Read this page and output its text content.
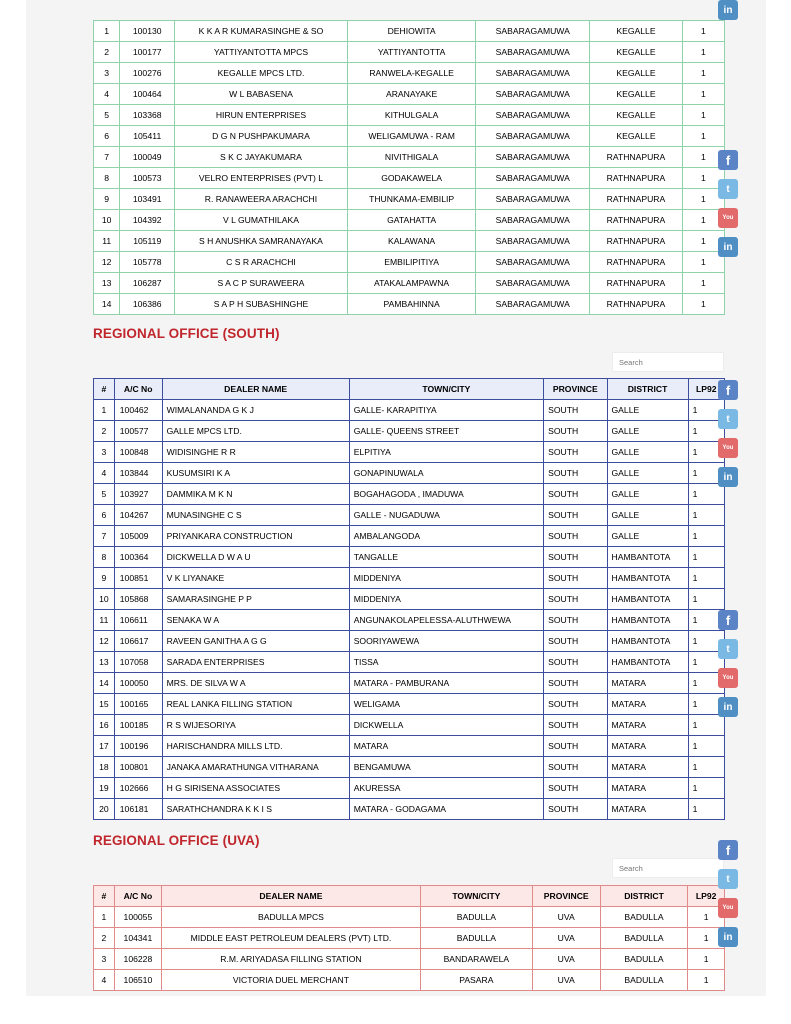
1	100130	K K A R KUMARASINGHE & SO	DEHIOWITA	SABARAGAMUWA	KEGALLE	1
2	100177	YATTIYANTOTTA MPCS	YATTIYANTOTTA	SABARAGAMUWA	KEGALLE	1
3	100276	KEGALLE MPCS LTD.	RANWELA-KEGALLE	SABARAGAMUWA	KEGALLE	1
4	100464	W L BABASENA	ARANAYAKE	SABARAGAMUWA	KEGALLE	1
5	103368	HIRUN ENTERPRISES	KITHULGALA	SABARAGAMUWA	KEGALLE	1
6	105411	D G N PUSHPAKUMARA	WELIGAMUWA - RAM	SABARAGAMUWA	KEGALLE	1
7	100049	S K C JAYAKUMARA	NIVITHIGALA	SABARAGAMUWA	RATHNAPURA	1
8	100573	VELRO ENTERPRISES (PVT) L	GODAKAWELA	SABARAGAMUWA	RATHNAPURA	1
9	103491	R. RANAWEERA ARACHCHI	THUNKAMA-EMBILIP	SABARAGAMUWA	RATHNAPURA	1
10	104392	V L GUMATHILAKA	GATAHATTA	SABARAGAMUWA	RATHNAPURA	1
11	105119	S H ANUSHKA SAMRANAYAKA	KALAWANA	SABARAGAMUWA	RATHNAPURA	1
12	105778	C S R ARACHCHI	EMBILIPITIYA	SABARAGAMUWA	RATHNAPURA	1
13	106287	S A C P SURAWEERA	ATAKALAMPAWNA	SABARAGAMUWA	RATHNAPURA	1
14	106386	S A P H SUBASHINGHE	PAMBAHINNA	SABARAGAMUWA	RATHNAPURA	1
REGIONAL OFFICE (SOUTH)
Search
#	A/C No	DEALER NAME	TOWN/CITY	PROVINCE	DISTRICT	LP92
1	100462	WIMALANANDA G K J	GALLE- KARAPITIYA	SOUTH	GALLE	1
2	100577	GALLE MPCS LTD.	GALLE- QUEENS STREET	SOUTH	GALLE	1
3	100848	WIDISINGHE R R	ELPITIYA	SOUTH	GALLE	1
4	103844	KUSUMSIRI K A	GONAPINUWALA	SOUTH	GALLE	1
5	103927	DAMMIKA M K N	BOGAHAGODA , IMADUWA	SOUTH	GALLE	1
6	104267	MUNASINGHE C S	GALLE - NUGADUWA	SOUTH	GALLE	1
7	105009	PRIYANKARA CONSTRUCTION	AMBALANGODA	SOUTH	GALLE	1
8	100364	DICKWELLA D W A U	TANGALLE	SOUTH	HAMBANTOTA	1
9	100851	V K LIYANAKE	MIDDENIYA	SOUTH	HAMBANTOTA	1
10	105868	SAMARASINGHE P P	MIDDENIYA	SOUTH	HAMBANTOTA	1
11	106611	SENAKA W A	ANGUNAKOLAPELESSA-ALUTHWEWA	SOUTH	HAMBANTOTA	1
12	106617	RAVEEN GANITHA A G G	SOORIYAWEWA	SOUTH	HAMBANTOTA	1
13	107058	SARADA ENTERPRISES	TISSA	SOUTH	HAMBANTOTA	1
14	100050	MRS. DE SILVA W A	MATARA - PAMBURANA	SOUTH	MATARA	1
15	100165	REAL LANKA FILLING STATION	WELIGAMA	SOUTH	MATARA	1
16	100185	R S WIJESORIYA	DICKWELLA	SOUTH	MATARA	1
17	100196	HARISCHANDRA MILLS LTD.	MATARA	SOUTH	MATARA	1
18	100801	JANAKA AMARATHUNGA VITHARANA	BENGAMUWA	SOUTH	MATARA	1
19	102666	H G SIRISENA ASSOCIATES	AKURESSA	SOUTH	MATARA	1
20	106181	SARATHCHANDRA K K I S	MATARA - GODAGAMA	SOUTH	MATARA	1
REGIONAL OFFICE (UVA)
Search
#	A/C No	DEALER NAME	TOWN/CITY	PROVINCE	DISTRICT	LP92
1	100055	BADULLA MPCS	BADULLA	UVA	BADULLA	1
2	104341	MIDDLE EAST PETROLEUM DEALERS (PVT) LTD.	BADULLA	UVA	BADULLA	1
3	106228	R.M. ARIYADASA FILLING STATION	BANDARAWELA	UVA	BADULLA	1
4	106510	VICTORIA DUEL MERCHANT	PASARA	UVA	BADULLA	1
in
f
t
You
in
f
t
You
in
f
t
You
in
f
t
You
in
